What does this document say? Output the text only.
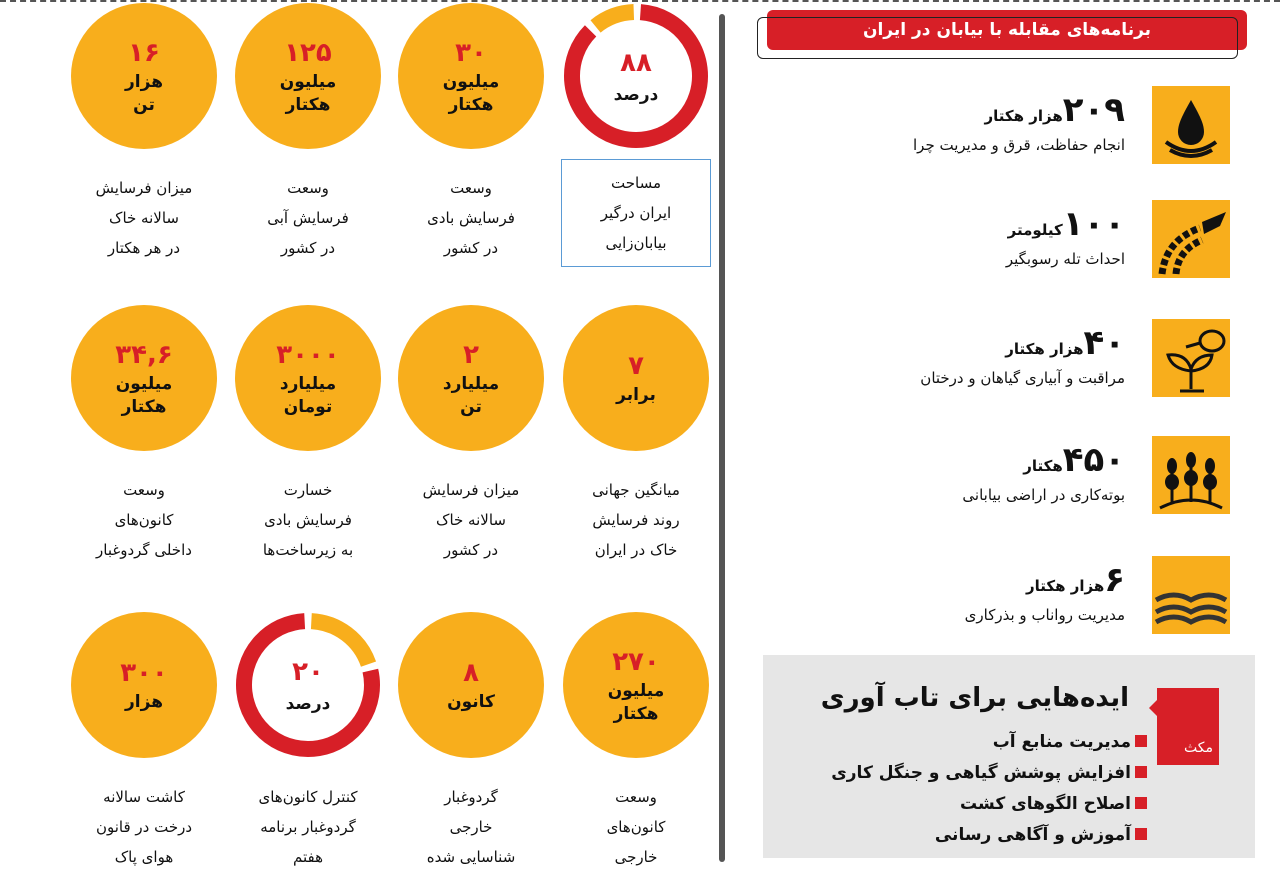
۸۸
درصد
مساحت
ایران درگیر
بیابان‌زایی
۳۰
میلیون
هکتار
وسعت
فرسایش بادی
در کشور
۱۲۵
میلیون
هکتار
وسعت
فرسایش آبی
در کشور
۱۶
هزار
تن
میزان فرسایش
سالانه خاک
در هر هکتار
۷
برابر
میانگین جهانی
روند فرسایش
خاک در ایران
۲
میلیارد
تن
میزان فرسایش
سالانه خاک
در کشور
۳۰۰۰
میلیارد
تومان
خسارت
فرسایش بادی
به زیرساخت‌ها
۳۴,۶
میلیون
هکتار
وسعت
کانون‌های
داخلی گردوغبار
۲۷۰
میلیون
هکتار
وسعت
کانون‌های
خارجی
۸
کانون
گردوغبار
خارجی
شناسایی شده
۲۰
درصد
کنترل کانون‌های
گردوغبار برنامه
هفتم
۳۰۰
هزار
کاشت سالانه
درخت در قانون
هوای پاک
برنامه‌های مقابله با بیابان در ایران
۲۰۹هزار هکتار
انجام حفاظت، قرق و مدیریت چرا
۱۰۰کیلومتر
احداث تله رسوبگیر
۴۰هزار هکتار
مراقبت و آبیاری گیاهان و درختان
۴۵۰هکتار
بوته‌کاری در اراضی بیابانی
۶هزار هکتار
مدیریت رواناب و بذرکاری
مکث
ایده‌هایی برای تاب آوری
مدیریت منابع آب
افزایش پوشش گیاهی و جنگل کاری
اصلاح الگوهای کشت
آموزش و آگاهی رسانی
